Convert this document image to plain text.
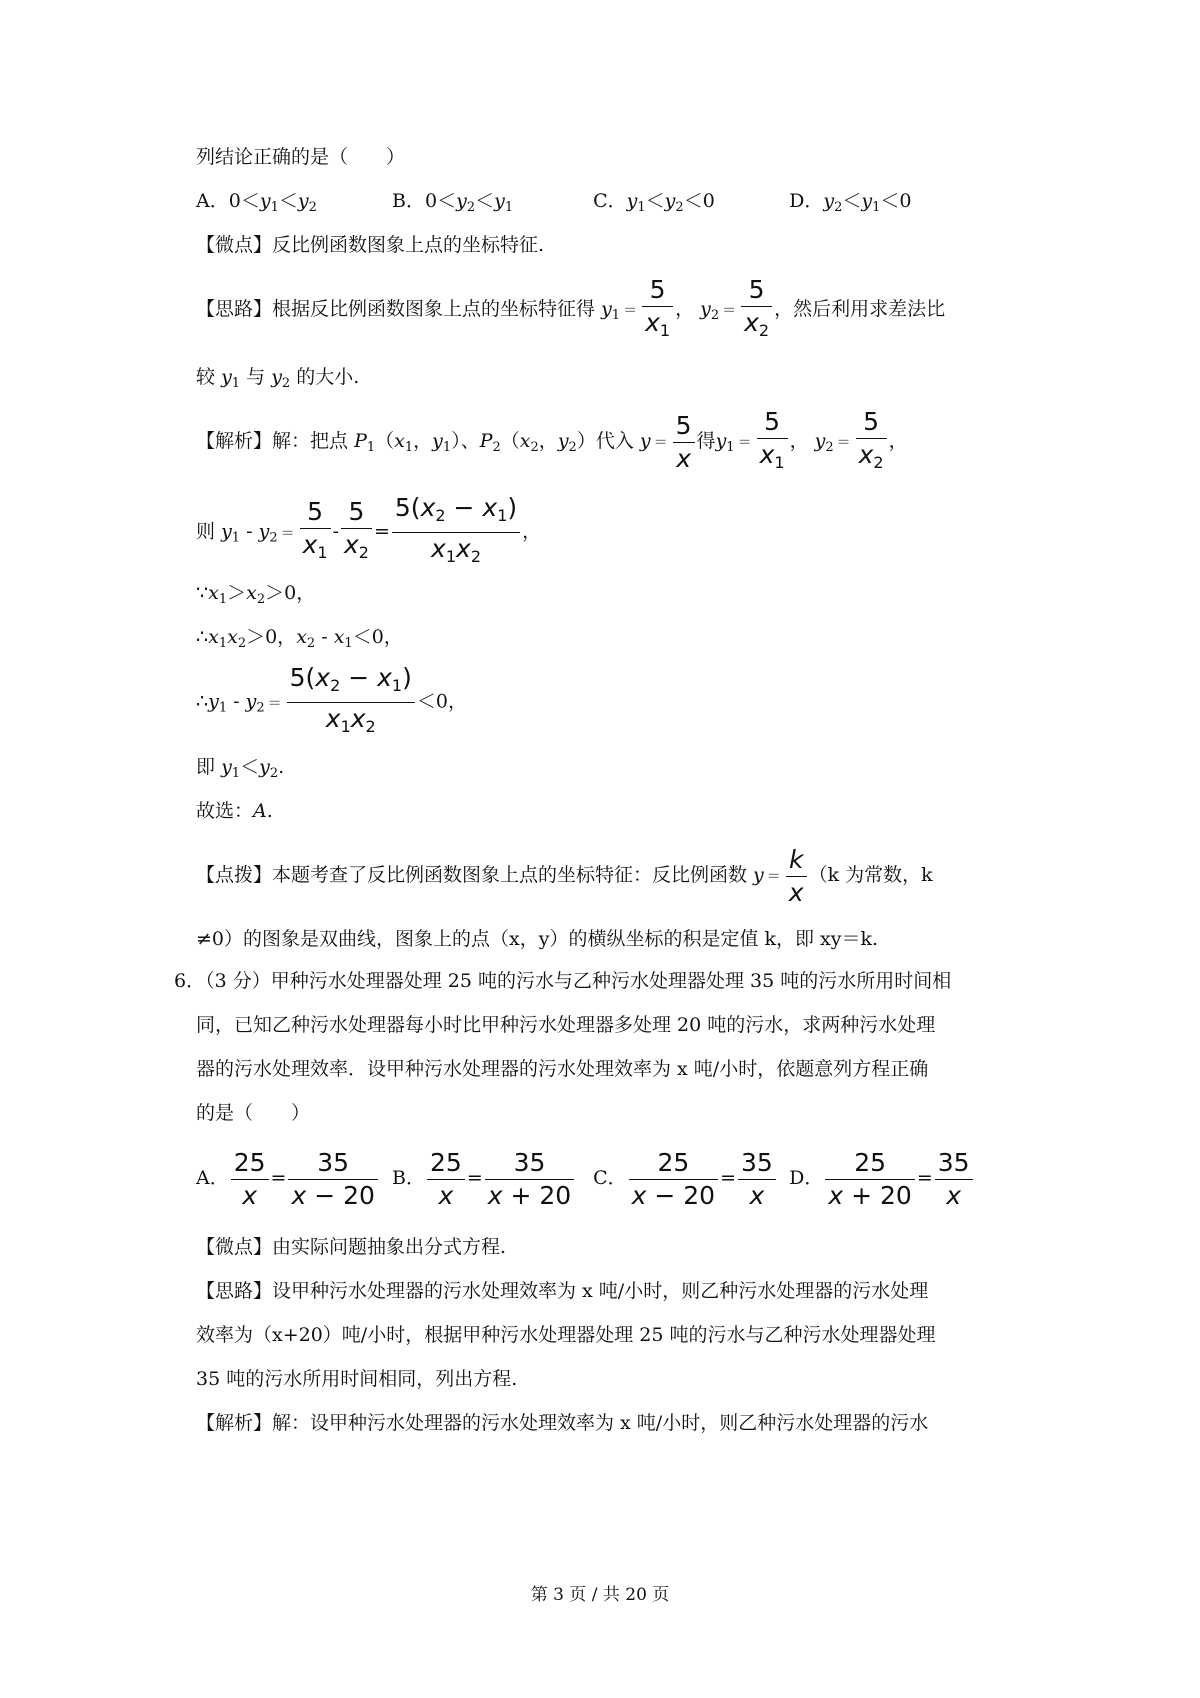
列结论正确的是（　　）
A．$0<y_1<y_2$	B．$0<y_2<y_1$	C．$y_1<y_2<0$	D．$y_2<y_1<0$
【微点】反比例函数图象上点的坐标特征.
【思路】根据反比例函数图象上点的坐标特征得 $y_1 = \frac{5}{x_1}$ ， $y_2 = \frac{5}{x_2}$ ，然后利用求差法比
较 $y_1$ 与 $y_2$ 的大小.
【解析】解：把点 $P_1(x_1$，$y_1$）、$P_2(x_2$，$y_2$）代入 $y = \frac{5}{x}$ 得$y_1 = \frac{5}{x_1}$ ， $y_2 = \frac{5}{x_2}$ ，
则 $y_1 - y_2 = \frac{5}{x_1} - \frac{5}{x_2} = \frac{5(x_2 - x_1)}{x_1x_2}$ ，
$\because x_1>x_2>0$，
$\therefore x_1x_2>0$，$x_2 - x_1<0$，
$\therefore y_1 - y_2 = \frac{5(x_2 - x_1)}{x_1x_2} <0$，
即 $y_1<y_2$.
故选：A.
【点拨】本题考查了反比例函数图象上点的坐标特征：反比例函数 $y = \frac{k}{x} (k$ 为常数，k
≠0）的图象是双曲线，图象上的点（x，y）的横纵坐标的积是定值 k，即 xy＝k.
6．（3 分）甲种污水处理器处理 25 吨的污水与乙种污水处理器处理 35 吨的污水所用时间相
同，已知乙种污水处理器每小时比甲种污水处理器多处理 20 吨的污水，求两种污水处理
器的污水处理效率．设甲种污水处理器的污水处理效率为 x 吨/小时，依题意列方程正确
的是（　　）
A． $\frac{25}{x} = \frac{35}{x - 20}$ B． $\frac{25}{x} = \frac{35}{x + 20}$ C． $\frac{25}{x - 20} = \frac{35}{x}$ D． $\frac{25}{x + 20} = \frac{35}{x}$
【微点】由实际问题抽象出分式方程.
【思路】设甲种污水处理器的污水处理效率为 x 吨/小时，则乙种污水处理器的污水处理
效率为（x+20）吨/小时，根据甲种污水处理器处理 25 吨的污水与乙种污水处理器处理
35 吨的污水所用时间相同，列出方程.
【解析】解：设甲种污水处理器的污水处理效率为 x 吨/小时，则乙种污水处理器的污水
第 3 页 / 共 20 页
